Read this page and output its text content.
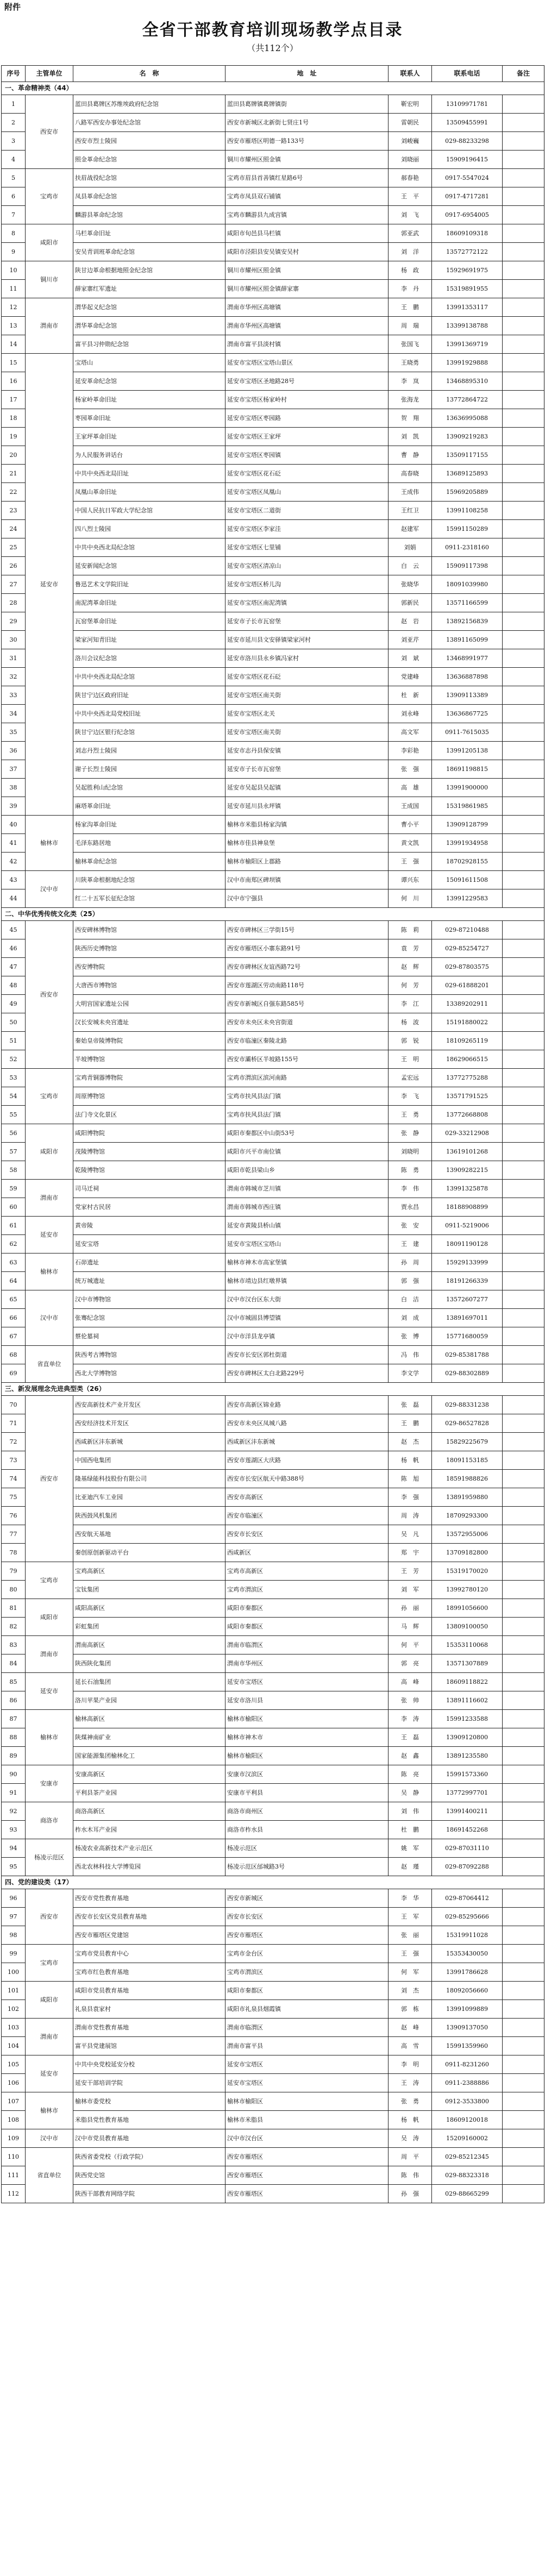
附件
全省干部教育培训现场教学点目录
（共112个）
序号	主管单位	名　称	地　址	联系人	联系电话	备注
一、革命精神类（44）						
1	西安市	蓝田县葛牌区苏维埃政府纪念馆	蓝田县葛牌镇葛牌镇街	靳宏明	13109971781	
2		八路军西安办事处纪念馆	西安市新城区北新街七贤庄1号	雷朝民	13509455991	
3		西安市烈士陵园	西安市雁塔区明德一路133号	刘峻巍	029-88233298	
4		照金革命纪念馆	铜川市耀州区照金镇	刘晓丽	15909196415	
5	宝鸡市	扶眉战役纪念馆	宝鸡市眉县首善镇红星路6号	郝春艳	0917-5547024	
6		凤县革命纪念馆	宝鸡市凤县双石铺镇	王　平	0917-4717281	
7		麟游县革命纪念馆	宝鸡市麟游县九成宫镇	刘　飞	0917-6954005	
8	咸阳市	马栏革命旧址	咸阳市旬邑县马栏镇	郭亚武	18609109318	
9		安吴青训班革命纪念馆	咸阳市泾阳县安吴镇安吴村	刘　洋	13572772122	
10	铜川市	陕甘边革命根据地照金纪念馆	铜川市耀州区照金镇	杨　政	15929691975	
11		薛家寨红军遗址	铜川市耀州区照金镇薛家寨	李　丹	15319891955	
12	渭南市	渭华起义纪念馆	渭南市华州区高塘镇	王　鹏	13991353117	
13		渭华革命纪念馆	渭南市华州区高塘镇	周　瑞	13399138788	
14		富平县习仲勋纪念馆	渭南市富平县淡村镇	张国飞	13991369719	
15	延安市	宝塔山	延安市宝塔区宝塔山景区	王晓勇	13991929888	
16		延安革命纪念馆	延安市宝塔区圣地路28号	李　岚	13468895310	
17		杨家岭革命旧址	延安市宝塔区杨家岭村	张海龙	13772864722	
18		枣园革命旧址	延安市宝塔区枣园路	贺　翔	13636995088	
19		王家坪革命旧址	延安市宝塔区王家坪	刘　凯	13909219283	
20		为人民服务讲话台	延安市宝塔区枣园镇	曹　静	13509117155	
21		中共中央西北局旧址	延安市宝塔区花石砭	高春晓	13689125893	
22		凤凰山革命旧址	延安市宝塔区凤凰山	王成伟	15969205889	
23		中国人民抗日军政大学纪念馆	延安市宝塔区二道街	王红卫	13991108258	
24		四八烈士陵园	延安市宝塔区李家洼	赵建军	15991150289	
25		中共中央西北局纪念馆	延安市宝塔区七里铺	刘娟	0911-2318160	
26		延安新闻纪念馆	延安市宝塔区清凉山	白　云	15909117398	
27		鲁迅艺术文学院旧址	延安市宝塔区桥儿沟	张晓华	18091039980	
28		南泥湾革命旧址	延安市宝塔区南泥湾镇	郭新民	13571166599	
29		瓦窑堡革命旧址	延安市子长市瓦窑堡	赵　岩	13892156839	
30		梁家河知青旧址	延安市延川县文安驿镇梁家河村	刘亚芹	13891165099	
31		洛川会议纪念馆	延安市洛川县永乡镇冯家村	刘　斌	13468991977	
32		中共中央西北局纪念馆	延安市宝塔区花石砭	党建峰	13636887898	
33		陕甘宁边区政府旧址	延安市宝塔区南关街	杜　新	13909113389	
34		中共中央西北局党校旧址	延安市宝塔区北关	刘永峰	13636867725	
35		陕甘宁边区银行纪念馆	延安市宝塔区南关街	高文军	0911-7615035	
36		刘志丹烈士陵园	延安市志丹县保安镇	李彩艳	13991205138	
37		谢子长烈士陵园	延安市子长市瓦窑堡	张　强	18691198815	
38		吴起胜利山纪念馆	延安市吴起县吴起镇	高　雄	13991900000	
39		麻塔革命旧址	延安市延川县永坪镇	王成国	15319861985	
40	榆林市	杨家沟革命旧址	榆林市米脂县杨家沟镇	曹小平	13909128799	
41		毛泽东路居地	榆林市佳县神泉堡	黄文凯	13991934958	
42		榆林革命纪念馆	榆林市榆阳区上郡路	王　强	18702928155	
43	汉中市	川陕革命根据地纪念馆	汉中市南郑区碑坝镇	谭兴东	15091611508	
44		红二十五军长征纪念馆	汉中市宁强县	何　川	13991229583	
二、中华优秀传统文化类（25）						
45	西安市	西安碑林博物馆	西安市碑林区三学街15号	陈　莉	029-87210488	
46		陕西历史博物馆	西安市雁塔区小寨东路91号	袁　芳	029-85254727	
47		西安博物院	西安市碑林区友谊西路72号	赵　辉	029-87803575	
48		大唐西市博物馆	西安市莲湖区劳动南路118号	何　芳	029-61888201	
49		大明宫国家遗址公园	西安市新城区自强东路585号	李　江	13389202911	
50		汉长安城未央宫遗址	西安市未央区未央宫街道	杨　波	15191880022	
51		秦始皇帝陵博物院	西安市临潼区秦陵北路	郭　锐	18109265119	
52		半坡博物馆	西安市灞桥区半坡路155号	王　明	18629066515	
53	宝鸡市	宝鸡青铜器博物院	宝鸡市渭滨区滨河南路	孟宏远	13772775288	
54		周原博物馆	宝鸡市扶风县法门镇	李　飞	13571791525	
55		法门寺文化景区	宝鸡市扶风县法门镇	王　勇	13772668808	
56	咸阳市	咸阳博物院	咸阳市秦都区中山街53号	张　静	029-33212908	
57		茂陵博物馆	咸阳市兴平市南位镇	刘晓明	13619101268	
58		乾陵博物馆	咸阳市乾县梁山乡	陈　勇	13909282215	
59	渭南市	司马迁祠	渭南市韩城市芝川镇	李　伟	13991325878	
60		党家村古民居	渭南市韩城市西庄镇	贾永昌	18188908899	
61	延安市	黄帝陵	延安市黄陵县桥山镇	张　安	0911-5219006	
62		延安宝塔	延安市宝塔区宝塔山	王　建	18091190128	
63	榆林市	石峁遗址	榆林市神木市高家堡镇	孙　周	15929133999	
64		统万城遗址	榆林市靖边县红墩界镇	郭　强	18191266339	
65	汉中市	汉中市博物馆	汉中市汉台区东大街	白　洁	13572607277	
66		张骞纪念馆	汉中市城固县博望镇	刘　成	13891697011	
67		蔡伦墓祠	汉中市洋县龙亭镇	张　博	15771680059	
68	省直单位	陕西考古博物馆	西安市长安区郭杜街道	冯　伟	029-85381788	
69		西北大学博物馆	西安市碑林区太白北路229号	李文学	029-88302889	
三、新发展理念先进典型类（26）						
70	西安市	西安高新技术产业开发区	西安市高新区锦业路	张　磊	029-88331238	
71		西安经济技术开发区	西安市未央区凤城八路	王　鹏	029-86527828	
72		西咸新区沣东新城	西咸新区沣东新城	赵　杰	15829225679	
73		中国西电集团	西安市莲湖区大庆路	杨　帆	18091153185	
74		隆基绿能科技股份有限公司	西安市长安区航天中路388号	陈　旭	18591988826	
75		比亚迪汽车工业园	西安市高新区	李　强	13891959880	
76		陕西鼓风机集团	西安市临潼区	周　涛	18709293300	
77		西安航天基地	西安市长安区	吴　凡	13572955006	
78		秦创原创新驱动平台	西咸新区	郑　宇	13709182800	
79	宝鸡市	宝鸡高新区	宝鸡市高新区	王　芳	15319170020	
80		宝钛集团	宝鸡市渭滨区	刘　军	13992780120	
81	咸阳市	咸阳高新区	咸阳市秦都区	孙　丽	18991056600	
82		彩虹集团	咸阳市秦都区	马　辉	13809100050	
83	渭南市	渭南高新区	渭南市临渭区	何　平	15353110068	
84		陕西陕化集团	渭南市华州区	郭　亮	13571307889	
85	延安市	延长石油集团	延安市宝塔区	高　峰	18609118822	
86		洛川苹果产业园	延安市洛川县	张　帅	13891116602	
87	榆林市	榆林高新区	榆林市榆阳区	李　涛	15991233588	
88		陕煤神南矿业	榆林市神木市	王　磊	13909120800	
89		国家能源集团榆林化工	榆林市榆阳区	赵　鑫	13891235580	
90	安康市	安康高新区	安康市汉滨区	陈　亮	15991573360	
91		平利县茶产业园	安康市平利县	吴　静	13772997701	
92	商洛市	商洛高新区	商洛市商州区	刘　伟	13991400211	
93		柞水木耳产业园	商洛市柞水县	杜　鹏	18691452268	
94	杨凌示范区	杨凌农业高新技术产业示范区	杨凌示范区	姚　军	029-87031110	
95		西北农林科技大学博览园	杨凌示范区邰城路3号	赵　瑾	029-87092288	
四、党的建设类（17）						
96	西安市	西安市党性教育基地	西安市新城区	李　华	029-87064412	
97		西安市长安区党员教育基地	西安市长安区	王　军	029-85295666	
98		西安市雁塔区党建馆	西安市雁塔区	张　丽	15319911028	
99	宝鸡市	宝鸡市党员教育中心	宝鸡市金台区	王　强	15353430050	
100		宝鸡市红色教育基地	宝鸡市渭滨区	何　军	13991786628	
101	咸阳市	咸阳市党员教育基地	咸阳市秦都区	刘　杰	18092056660	
102		礼泉县袁家村	咸阳市礼泉县烟霞镇	郭　栋	13991099889	
103	渭南市	渭南市党性教育基地	渭南市临渭区	赵　峰	13909137050	
104		富平县党建展馆	渭南市富平县	高　雪	15991359960	
105	延安市	中共中央党校延安分校	延安市宝塔区	李　明	0911-8231260	
106		延安干部培训学院	延安市宝塔区	王　涛	0911-2388886	
107	榆林市	榆林市委党校	榆林市榆阳区	张　勇	0912-3533800	
108		米脂县党性教育基地	榆林市米脂县	杨　帆	18609120018	
109	汉中市	汉中市党员教育基地	汉中市汉台区	吴　涛	15209160002	
110	省直单位	陕西省委党校（行政学院）	西安市雁塔区	周　平	029-85212345	
111		陕西党史馆	西安市雁塔区	陈　伟	029-88323318	
112		陕西干部教育网络学院	西安市雁塔区	孙　强	029-88665299	
